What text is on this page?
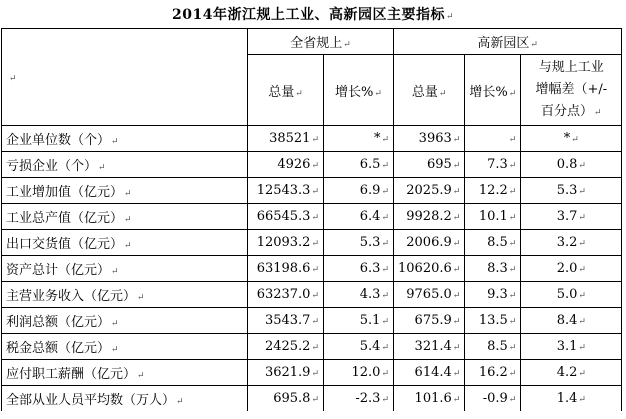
2014年浙江规上工业、高新园区主要指标↵
↵	全省规上↵		高新园区↵		
	总量↵	增长%↵	总量↵	增长%↵	与规上工业
增幅差（+/-
百分点）↵

企业单位数（个）↵	38521↵	*↵	3963↵	↵	*↵
亏损企业（个）↵	4926↵	6.5↵	695↵	7.3↵	0.8↵
工业增加值（亿元）↵	12543.3↵	6.9↵	2025.9↵	12.2↵	5.3↵
工业总产值（亿元）↵	66545.3↵	6.4↵	9928.2↵	10.1↵	3.7↵
出口交货值（亿元）↵	12093.2↵	5.3↵	2006.9↵	8.5↵	3.2↵
资产总计（亿元）↵	63198.6↵	6.3↵	10620.6↵	8.3↵	2.0↵
主营业务收入（亿元）↵	63237.0↵	4.3↵	9765.0↵	9.3↵	5.0↵
利润总额（亿元）↵	3543.7↵	5.1↵	675.9↵	13.5↵	8.4↵
税金总额（亿元）↵	2425.2↵	5.4↵	321.4↵	8.5↵	3.1↵
应付职工薪酬（亿元）↵	3621.9↵	12.0↵	614.4↵	16.2↵	4.2↵
全部从业人员平均数（万人）↵	695.8↵	-2.3↵	101.6↵	-0.9↵	1.4↵
